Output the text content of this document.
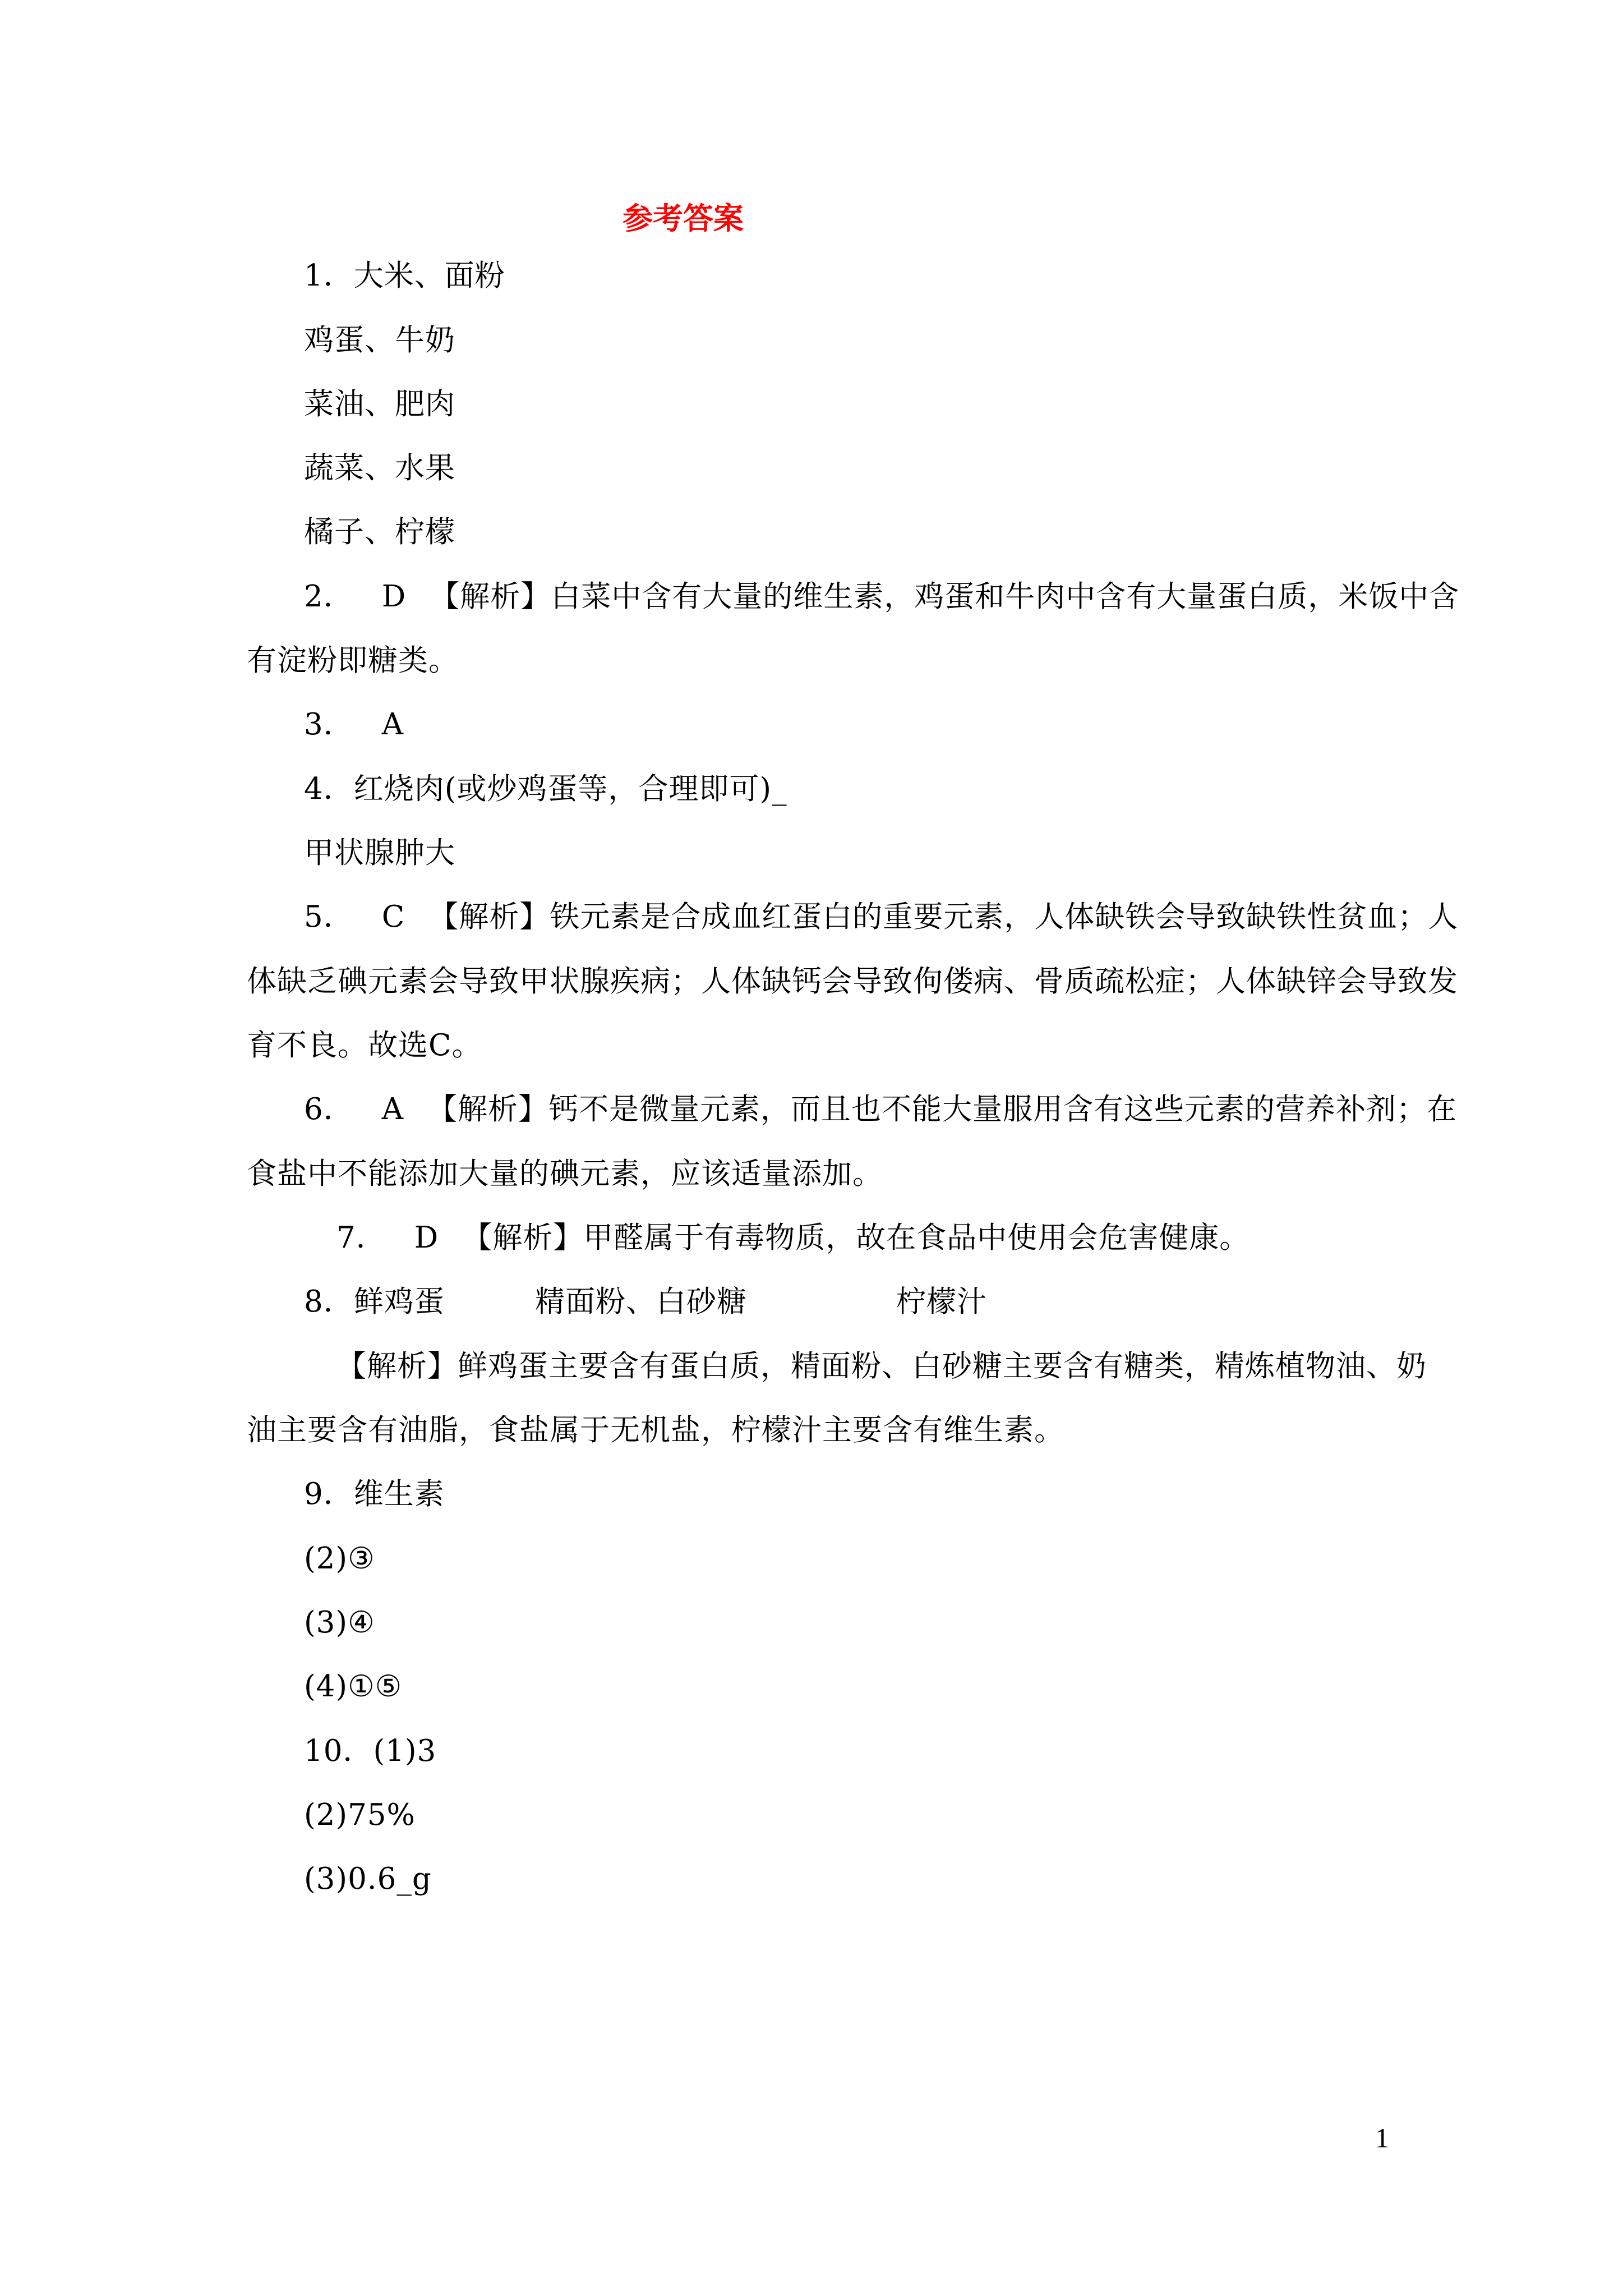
参考答案
1．大米、面粉
鸡蛋、牛奶
菜油、肥肉
蔬菜、水果
橘子、柠檬
2． D 【解析】白菜中含有大量的维生素，鸡蛋和牛肉中含有大量蛋白质，米饭中含
有淀粉即糖类。
3． A
4．红烧肉(或炒鸡蛋等，合理即可)_
甲状腺肿大
5． C 【解析】铁元素是合成血红蛋白的重要元素，人体缺铁会导致缺铁性贫血；人
体缺乏碘元素会导致甲状腺疾病；人体缺钙会导致佝偻病、骨质疏松症；人体缺锌会导致发
育不良。故选C。
6． A 【解析】钙不是微量元素，而且也不能大量服用含有这些元素的营养补剂；在
食盐中不能添加大量的碘元素，应该适量添加。
7． D 【解析】甲醛属于有毒物质，故在食品中使用会危害健康。
8．鲜鸡蛋	精面粉、白砂糖	柠檬汁
【解析】鲜鸡蛋主要含有蛋白质，精面粉、白砂糖主要含有糖类，精炼植物油、奶
油主要含有油脂，食盐属于无机盐，柠檬汁主要含有维生素。
9．维生素
(2)③
(3)④
(4)①⑤
10．(1)3
(2)75%
(3)0.6_g
1
